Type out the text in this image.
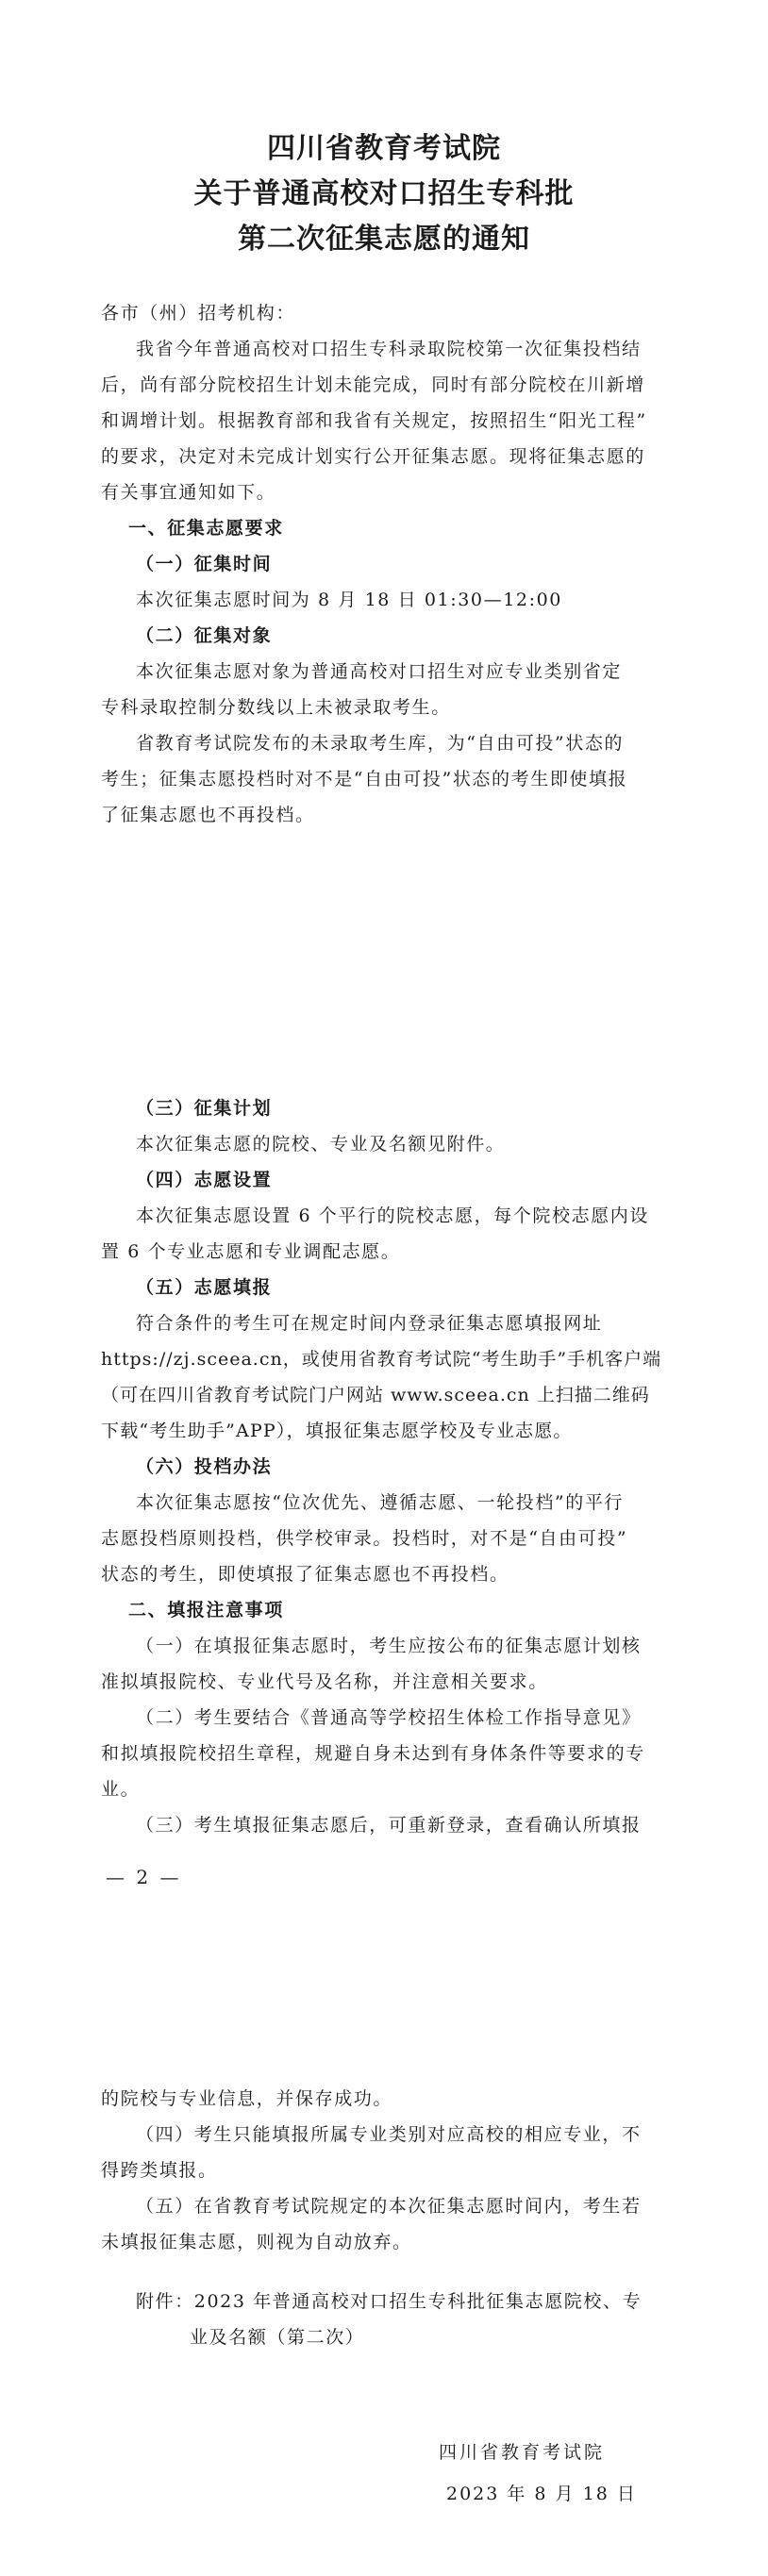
四川省教育考试院
关于普通高校对口招生专科批
第二次征集志愿的通知
各市（州）招考机构：
我省今年普通高校对口招生专科录取院校第一次征集投档结
后，尚有部分院校招生计划未能完成，同时有部分院校在川新增
和调增计划。根据教育部和我省有关规定，按照招生“阳光工程”
的要求，决定对未完成计划实行公开征集志愿。现将征集志愿的
有关事宜通知如下。
一、征集志愿要求
（一）征集时间
本次征集志愿时间为 8 月 18 日 01:30—12:00
（二）征集对象
本次征集志愿对象为普通高校对口招生对应专业类别省定
专科录取控制分数线以上未被录取考生。
省教育考试院发布的未录取考生库，为“自由可投”状态的
考生；征集志愿投档时对不是“自由可投”状态的考生即使填报
了征集志愿也不再投档。
（三）征集计划
本次征集志愿的院校、专业及名额见附件。
（四）志愿设置
本次征集志愿设置 6 个平行的院校志愿，每个院校志愿内设
置 6 个专业志愿和专业调配志愿。
（五）志愿填报
符合条件的考生可在规定时间内登录征集志愿填报网址
https://zj.sceea.cn，或使用省教育考试院“考生助手”手机客户端
（可在四川省教育考试院门户网站 www.sceea.cn 上扫描二维码
下载“考生助手”APP），填报征集志愿学校及专业志愿。
（六）投档办法
本次征集志愿按“位次优先、遵循志愿、一轮投档”的平行
志愿投档原则投档，供学校审录。投档时，对不是“自由可投”
状态的考生，即使填报了征集志愿也不再投档。
二、填报注意事项
（一）在填报征集志愿时，考生应按公布的征集志愿计划核
准拟填报院校、专业代号及名称，并注意相关要求。
（二）考生要结合《普通高等学校招生体检工作指导意见》
和拟填报院校招生章程，规避自身未达到有身体条件等要求的专
业。
（三）考生填报征集志愿后，可重新登录，查看确认所填报
— 2 —
的院校与专业信息，并保存成功。
（四）考生只能填报所属专业类别对应高校的相应专业，不
得跨类填报。
（五）在省教育考试院规定的本次征集志愿时间内，考生若
未填报征集志愿，则视为自动放弃。
附件：2023 年普通高校对口招生专科批征集志愿院校、专
业及名额（第二次）
四川省教育考试院
2023 年 8 月 18 日
